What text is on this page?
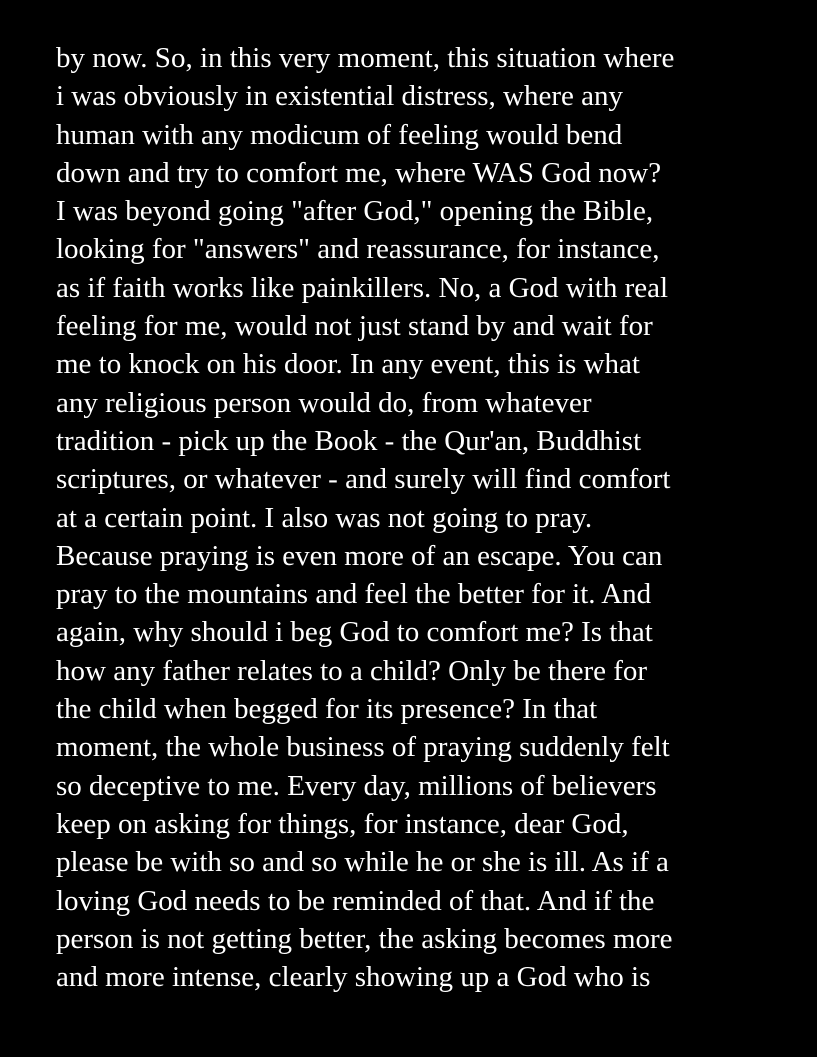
by now. So, in this very moment, this situation where
i was obviously in existential distress, where any
human with any modicum of feeling would bend
down and try to comfort me, where WAS God now?
I was beyond going "after God," opening the Bible,
looking for "answers" and reassurance, for instance,
as if faith works like painkillers. No, a God with real
feeling for me, would not just stand by and wait for
me to knock on his door. In any event, this is what
any religious person would do, from whatever
tradition - pick up the Book - the Qur'an, Buddhist
scriptures, or whatever - and surely will find comfort
at a certain point. I also was not going to pray.
Because praying is even more of an escape. You can
pray to the mountains and feel the better for it. And
again, why should i beg God to comfort me? Is that
how any father relates to a child? Only be there for
the child when begged for its presence? In that
moment, the whole business of praying suddenly felt
so deceptive to me. Every day, millions of believers
keep on asking for things, for instance, dear God,
please be with so and so while he or she is ill. As if a
loving God needs to be reminded of that. And if the
person is not getting better, the asking becomes more
and more intense, clearly showing up a God who is
